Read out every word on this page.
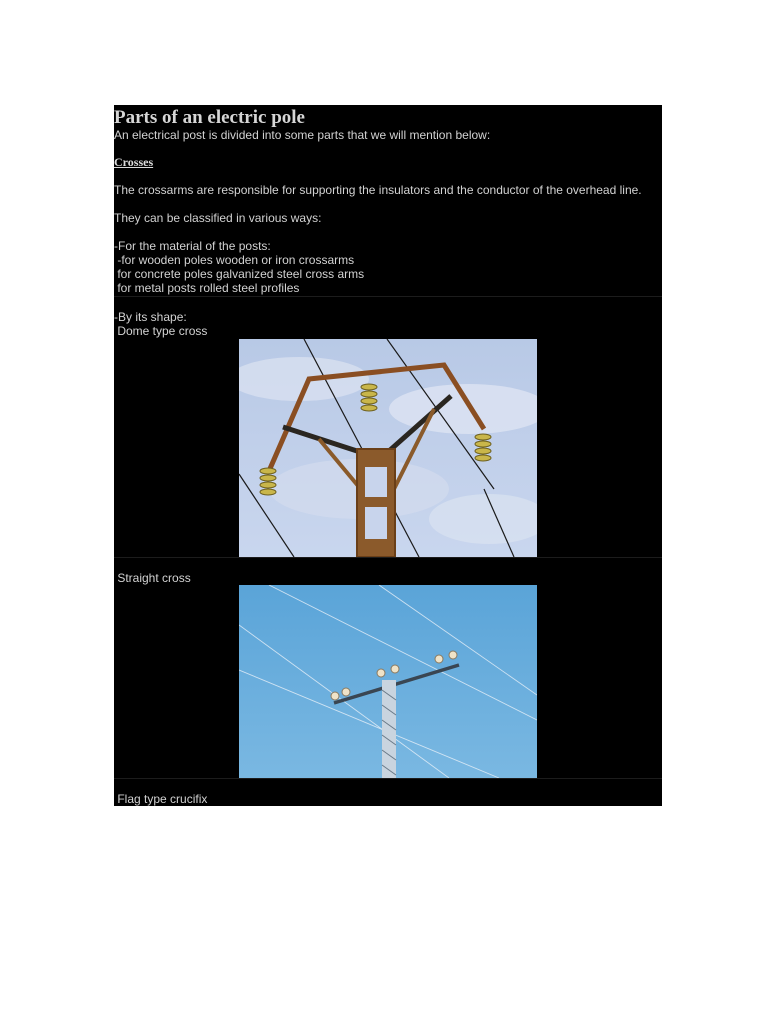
Parts of an electric pole
An electrical post is divided into some parts that we will mention below:
Crosses
The crossarms are responsible for supporting the insulators and the conductor of the overhead line.
They can be classified in various ways:
-For the material of the posts:
-for wooden poles wooden or iron crossarms
for concrete poles galvanized steel cross arms
for metal posts rolled steel profiles
-By its shape:
Dome type cross
Straight cross
Flag type crucifix
